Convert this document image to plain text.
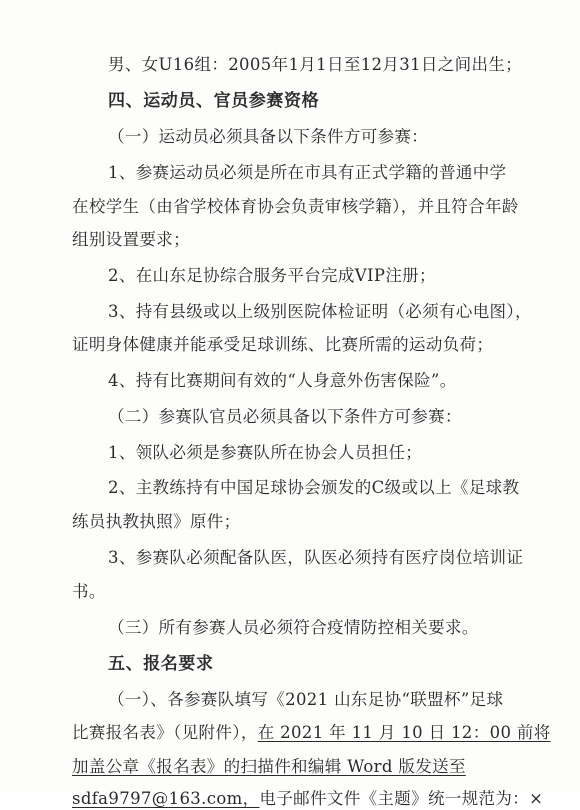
男、女U16组：2005年1月1日至12月31日之间出生；
四、运动员、官员参赛资格
（一）运动员必须具备以下条件方可参赛：
1、参赛运动员必须是所在市具有正式学籍的普通中学
在校学生（由省学校体育协会负责审核学籍），并且符合年龄
组别设置要求；
2、在山东足协综合服务平台完成VIP注册；
3、持有县级或以上级别医院体检证明（必须有心电图），
证明身体健康并能承受足球训练、比赛所需的运动负荷；
4、持有比赛期间有效的“人身意外伤害保险”。
（二）参赛队官员必须具备以下条件方可参赛：
1、领队必须是参赛队所在协会人员担任；
2、主教练持有中国足球协会颁发的C级或以上《足球教
练员执教执照》原件；
3、参赛队必须配备队医，队医必须持有医疗岗位培训证
书。
（三）所有参赛人员必须符合疫情防控相关要求。
五、报名要求
（一）、各参赛队填写《2021 山东足协“联盟杯”足球
比赛报名表》（见附件），在 2021 年 11 月 10 日 12：00 前将
加盖公章《报名表》的扫描件和编辑 Word 版发送至
sdfa9797@163.com，电子邮件文件《主题》统一规范为：×
